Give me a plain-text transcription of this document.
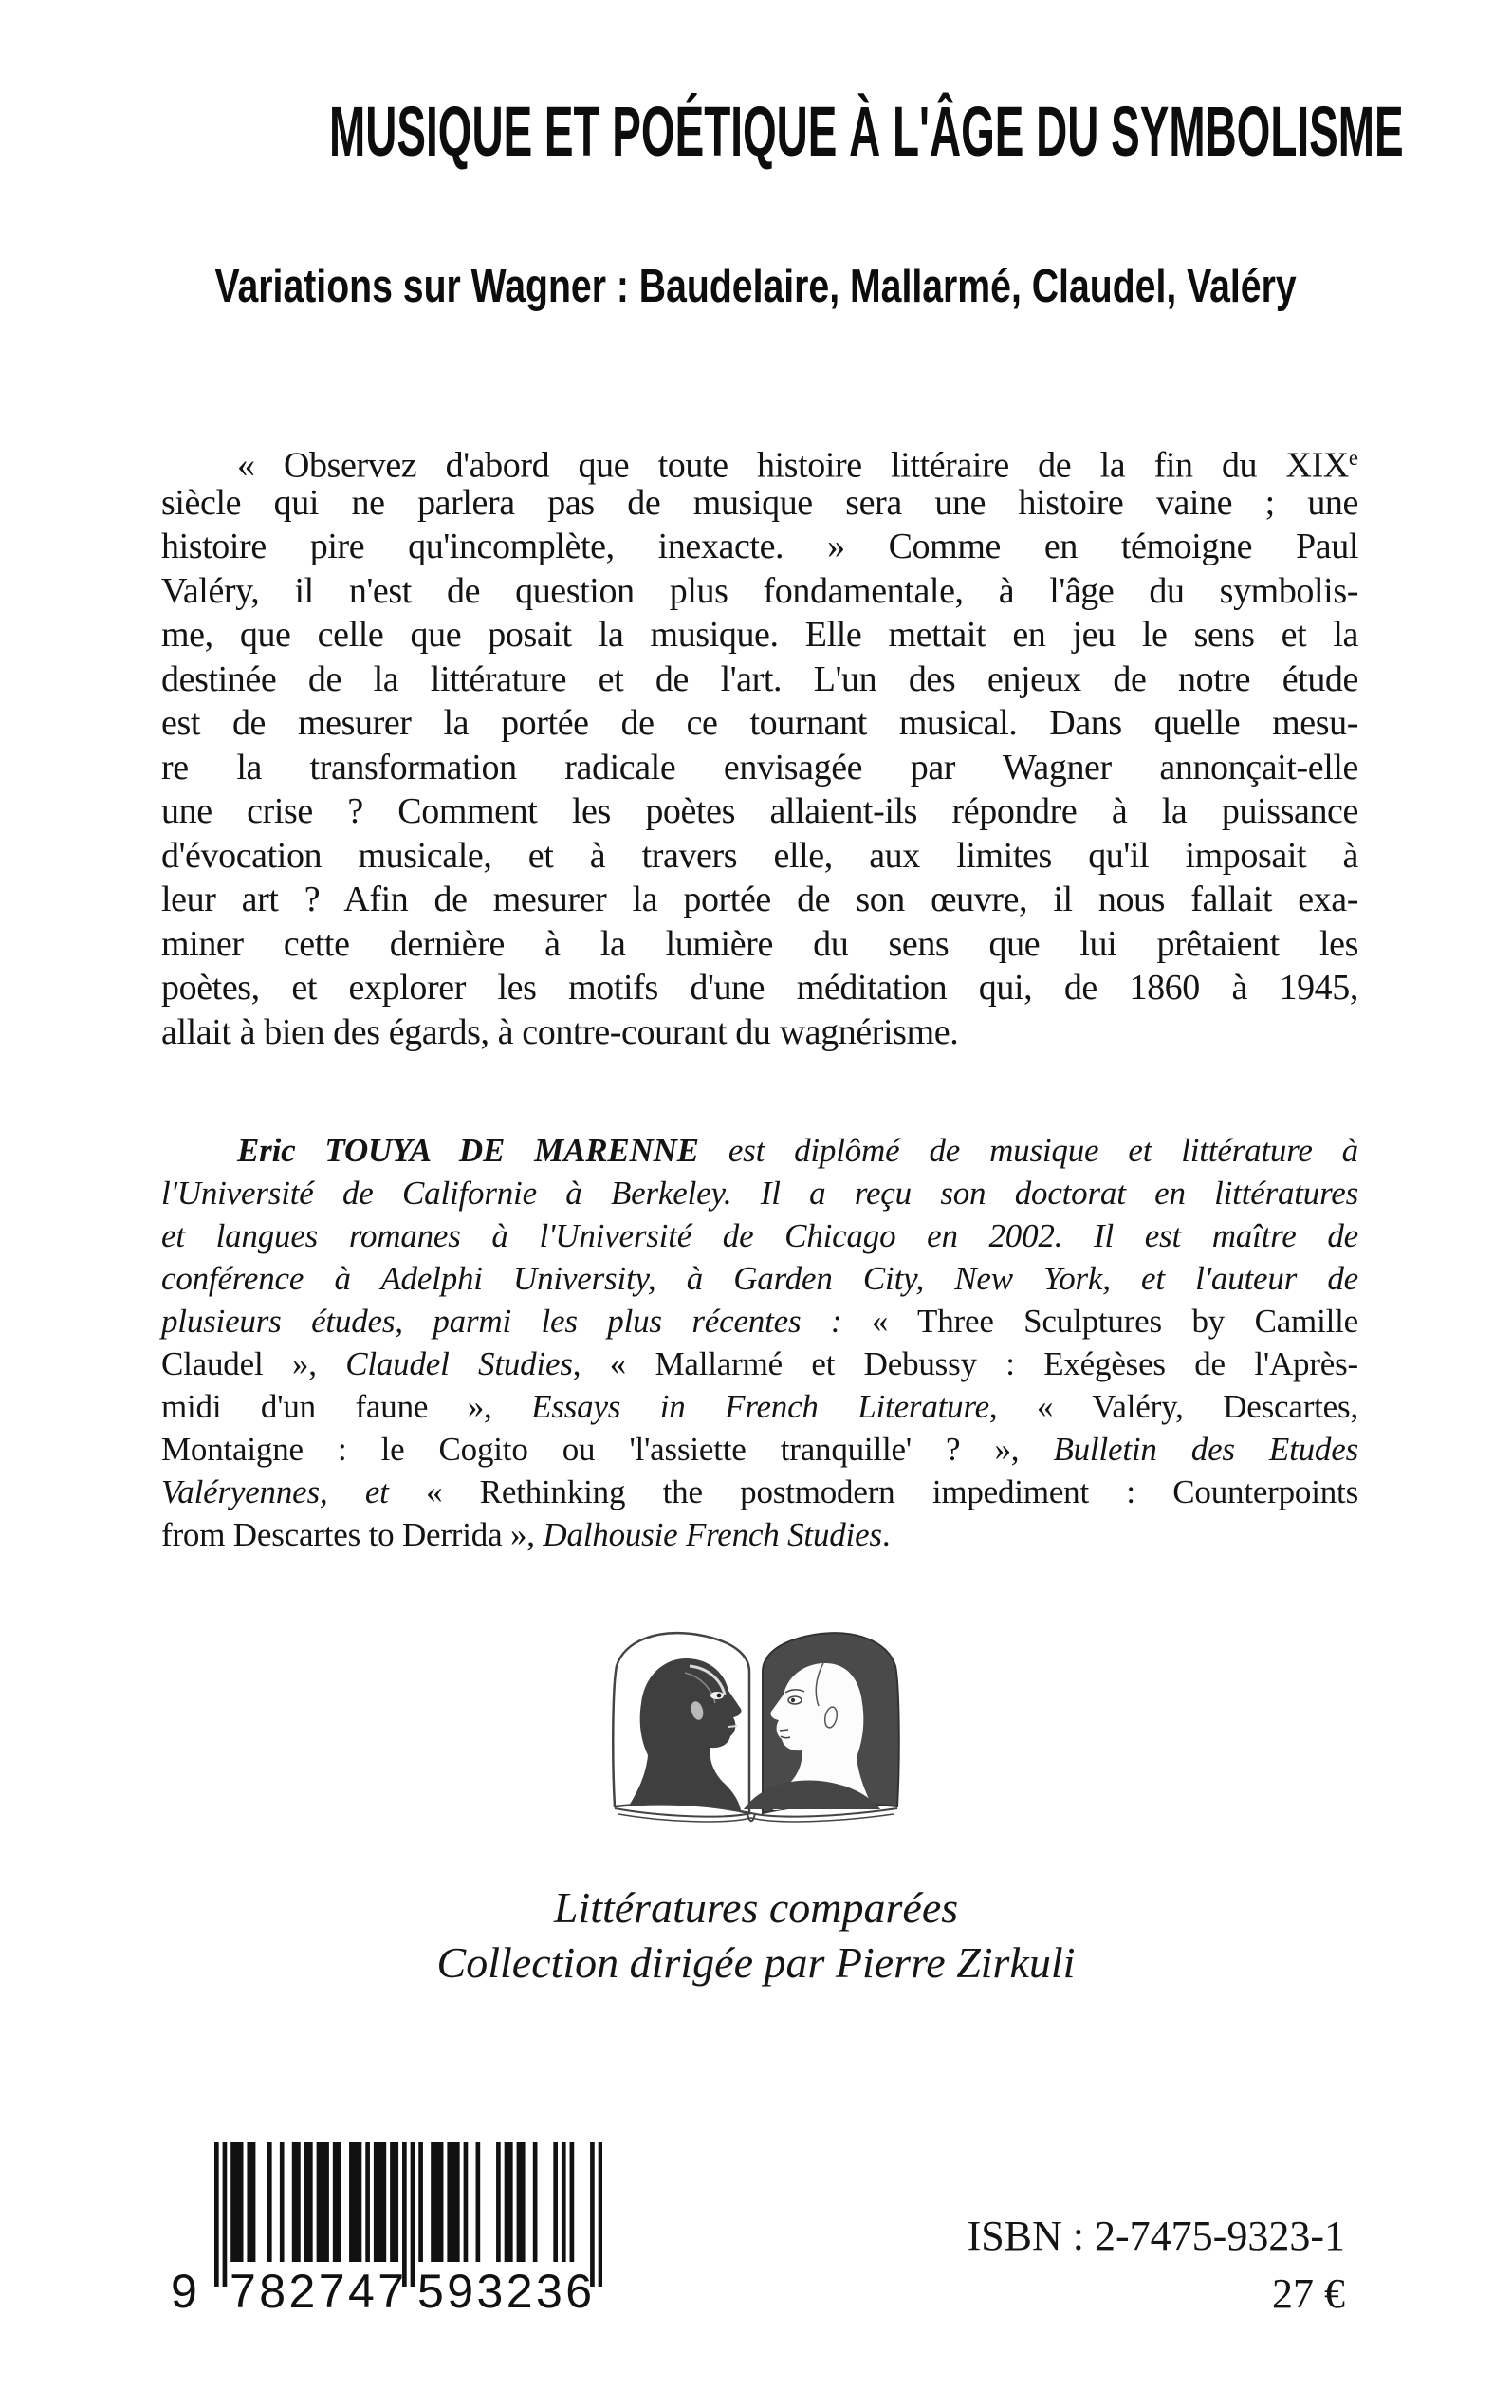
MUSIQUE ET POÉTIQUE À L'ÂGE DU SYMBOLISME
Variations sur Wagner : Baudelaire, Mallarmé, Claudel, Valéry
« Observez d'abord que toute histoire littéraire de la fin du XIXe
siècle qui ne parlera pas de musique sera une histoire vaine ; une
histoire pire qu'incomplète, inexacte. » Comme en témoigne Paul
Valéry, il n'est de question plus fondamentale, à l'âge du symbolis-
me, que celle que posait la musique. Elle mettait en jeu le sens et la
destinée de la littérature et de l'art. L'un des enjeux de notre étude
est de mesurer la portée de ce tournant musical. Dans quelle mesu-
re la transformation radicale envisagée par Wagner annonçait-elle
une crise ? Comment les poètes allaient-ils répondre à la puissance
d'évocation musicale, et à travers elle, aux limites qu'il imposait à
leur art ? Afin de mesurer la portée de son œuvre, il nous fallait exa-
miner cette dernière à la lumière du sens que lui prêtaient les
poètes, et explorer les motifs d'une méditation qui, de 1860 à 1945,
allait à bien des égards, à contre-courant du wagnérisme.
Eric TOUYA DE MARENNE est diplômé de musique et littérature à
l'Université de Californie à Berkeley. Il a reçu son doctorat en littératures
et langues romanes à l'Université de Chicago en 2002. Il est maître de
conférence à Adelphi University, à Garden City, New York, et l'auteur de
plusieurs études, parmi les plus récentes : « Three Sculptures by Camille
Claudel », Claudel Studies, « Mallarmé et Debussy : Exégèses de l'Après-
midi d'un faune », Essays in French Literature, « Valéry, Descartes,
Montaigne : le Cogito ou 'l'assiette tranquille' ? », Bulletin des Etudes
Valéryennes, et « Rethinking the postmodern impediment : Counterpoints
from Descartes to Derrida », Dalhousie French Studies.
Littératures comparées
Collection dirigée par Pierre Zirkuli
9 782747 593236
ISBN : 2-7475-9323-1
27 €
